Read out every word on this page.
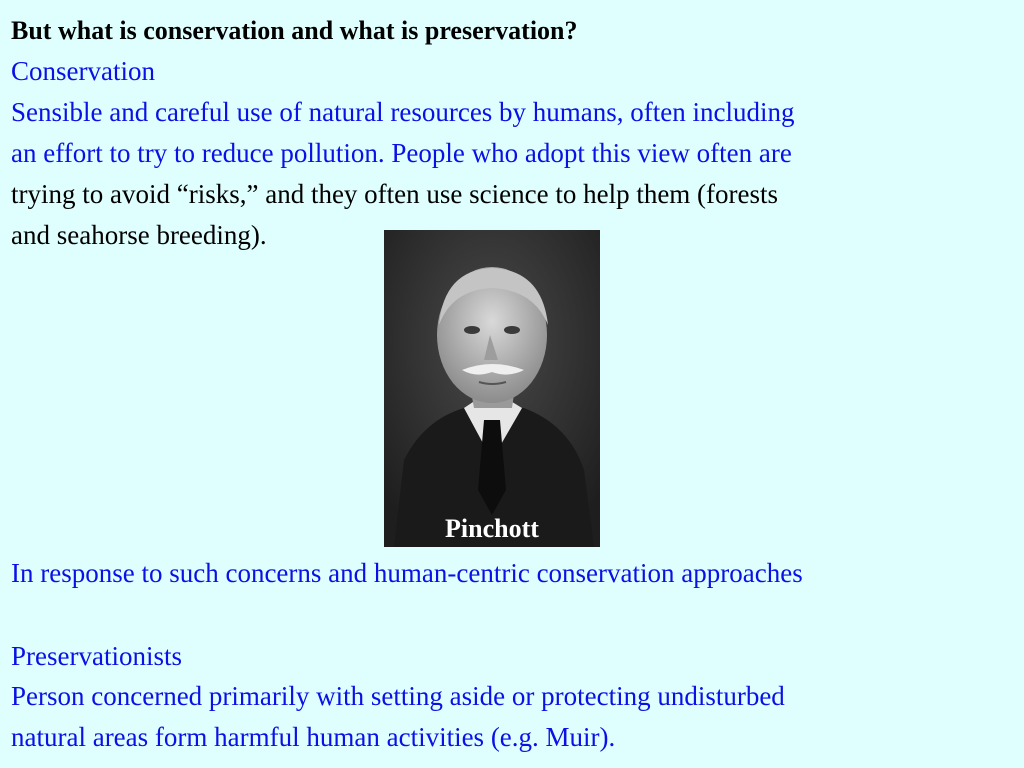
But what is conservation and what is preservation?
Conservation
Sensible and careful use of natural resources by humans, often including
an effort to try to reduce pollution. People who adopt this view often are
trying to avoid “risks,” and they often use science to help them (forests
and seahorse breeding).
Pinchott
In response to such concerns and human-centric conservation approaches
Preservationists
Person concerned primarily with setting aside or protecting undisturbed
natural areas form harmful human activities (e.g. Muir).
